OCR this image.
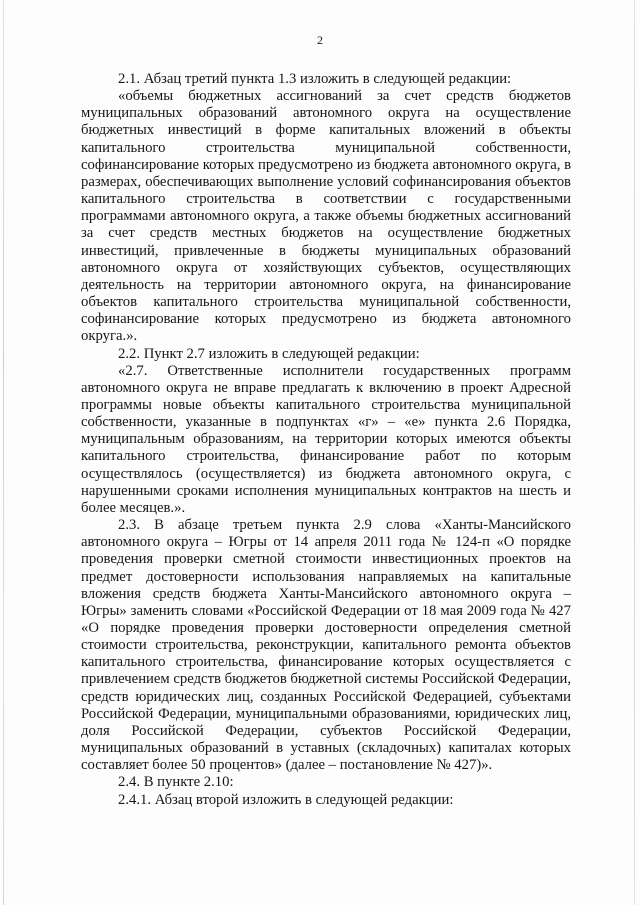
2

2.1. Абзац третий пункта 1.3 изложить в следующей редакции:

«объемы бюджетных ассигнований за счет средств бюджетов муниципальных образований автономного округа на осуществление бюджетных инвестиций в форме капитальных вложений в объекты капитального строительства муниципальной собственности, софинансирование которых предусмотрено из бюджета автономного округа, в размерах, обеспечивающих выполнение условий софинансирования объектов капитального строительства в соответствии с государственными программами автономного округа, а также объемы бюджетных ассигнований за счет средств местных бюджетов на осуществление бюджетных инвестиций, привлеченные в бюджеты муниципальных образований автономного округа от хозяйствующих субъектов, осуществляющих деятельность на территории автономного округа, на финансирование объектов капитального строительства муниципальной собственности, софинансирование которых предусмотрено из бюджета автономного округа.».

2.2. Пункт 2.7 изложить в следующей редакции:

«2.7. Ответственные исполнители государственных программ автономного округа не вправе предлагать к включению в проект Адресной программы новые объекты капитального строительства муниципальной собственности, указанные в подпунктах «г» – «е» пункта 2.6 Порядка, муниципальным образованиям, на территории которых имеются объекты капитального строительства, финансирование работ по которым осуществлялось (осуществляется) из бюджета автономного округа, с нарушенными сроками исполнения муниципальных контрактов на шесть и более месяцев.».

2.3. В абзаце третьем пункта 2.9 слова «Ханты-Мансийского автономного округа – Югры от 14 апреля 2011 года № 124-п «О порядке проведения проверки сметной стоимости инвестиционных проектов на предмет достоверности использования направляемых на капитальные вложения средств бюджета Ханты-Мансийского автономного округа – Югры» заменить словами «Российской Федерации от 18 мая 2009 года № 427 «О порядке проведения проверки достоверности определения сметной стоимости строительства, реконструкции, капитального ремонта объектов капитального строительства, финансирование которых осуществляется с привлечением средств бюджетов бюджетной системы Российской Федерации, средств юридических лиц, созданных Российской Федерацией, субъектами Российской Федерации, муниципальными образованиями, юридических лиц, доля Российской Федерации, субъектов Российской Федерации, муниципальных образований в уставных (складочных) капиталах которых составляет более 50 процентов» (далее – постановление № 427)».

2.4. В пункте 2.10:

2.4.1. Абзац второй изложить в следующей редакции:
